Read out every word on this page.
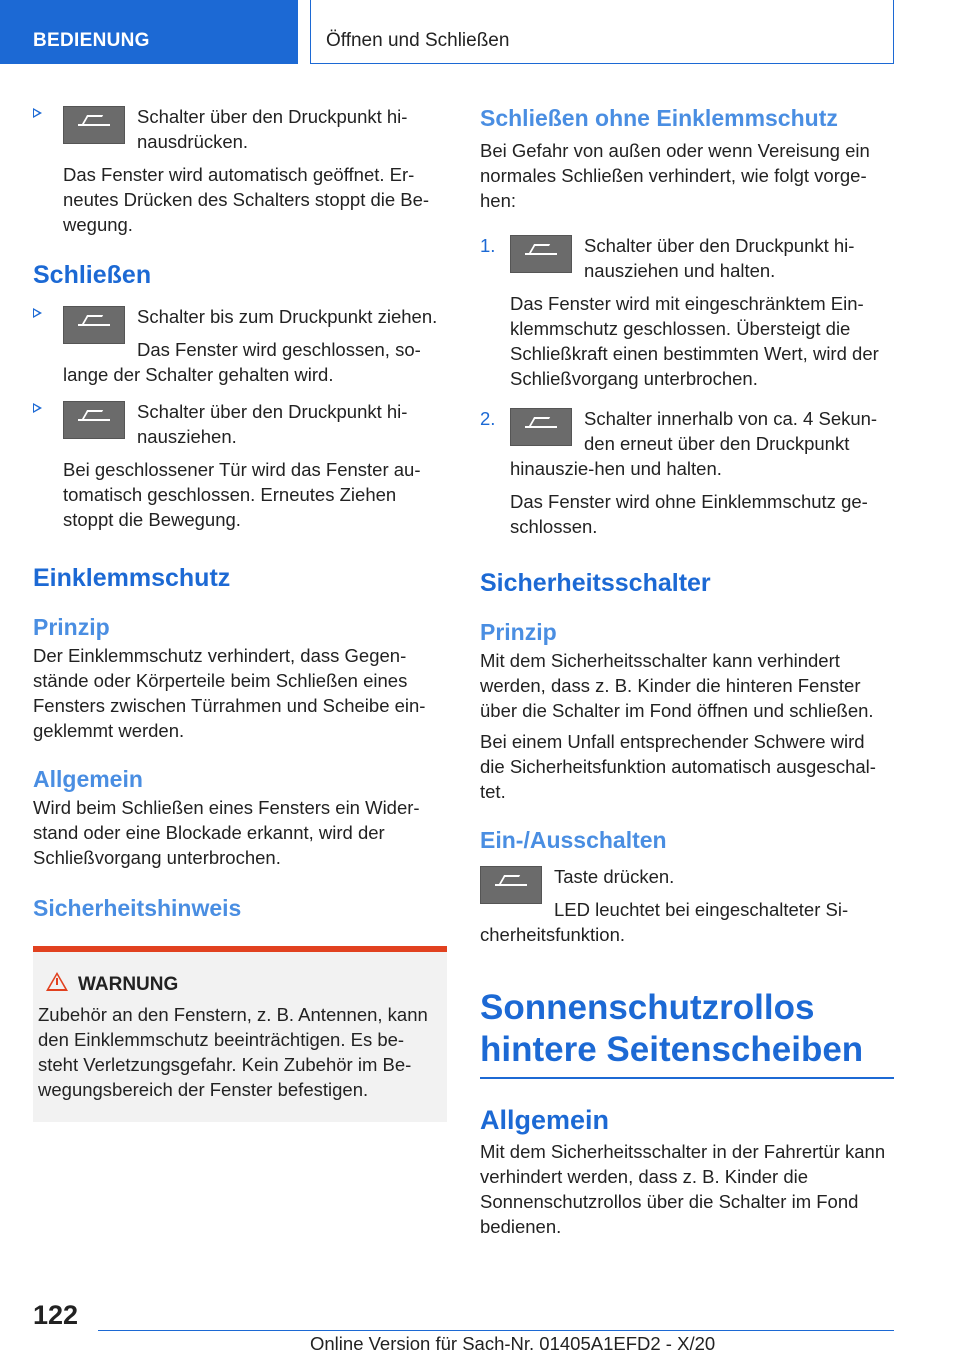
BEDIENUNG	Öffnen und Schließen

Schalter über den Druckpunkt hi-nausdrücken.

Das Fenster wird automatisch geöffnet. Er-neutes Drücken des Schalters stoppt die Be-wegung.

Schließen

Schalter bis zum Druckpunkt ziehen.

Das Fenster wird geschlossen, so-lange der Schalter gehalten wird.

Schalter über den Druckpunkt hi-nausziehen.

Bei geschlossener Tür wird das Fenster au-tomatisch geschlossen. Erneutes Ziehen stoppt die Bewegung.

Einklemmschutz
Prinzip

Der Einklemmschutz verhindert, dass Gegen-stände oder Körperteile beim Schließen eines Fensters zwischen Türrahmen und Scheibe ein-geklemmt werden.

Allgemein

Wird beim Schließen eines Fensters ein Wider-stand oder eine Blockade erkannt, wird der Schließvorgang unterbrochen.

Sicherheitshinweis
WARNUNG

Zubehör an den Fenstern, z. B. Antennen, kann den Einklemmschutz beeinträchtigen. Es be-steht Verletzungsgefahr. Kein Zubehör im Be-wegungsbereich der Fenster befestigen.

Schließen ohne Einklemmschutz

Bei Gefahr von außen oder wenn Vereisung ein normales Schließen verhindert, wie folgt vorge-hen:

1.	Schalter über den Druckpunkt hi-nausziehen und halten.

Das Fenster wird mit eingeschränktem Ein-klemmschutz geschlossen. Übersteigt die Schließkraft einen bestimmten Wert, wird der Schließvorgang unterbrochen.

2.	Schalter innerhalb von ca. 4 Sekun-den erneut über den Druckpunkt hinauszie-hen und halten.

Das Fenster wird ohne Einklemmschutz ge-schlossen.

Sicherheitsschalter
Prinzip

Mit dem Sicherheitsschalter kann verhindert werden, dass z. B. Kinder die hinteren Fenster über die Schalter im Fond öffnen und schließen.

Bei einem Unfall entsprechender Schwere wird die Sicherheitsfunktion automatisch ausgeschal-tet.

Ein-/Ausschalten

Taste drücken.

LED leuchtet bei eingeschalteter Si-cherheitsfunktion.

Sonnenschutzrollos hintere Seitenscheiben
Allgemein

Mit dem Sicherheitsschalter in der Fahrertür kann verhindert werden, dass z. B. Kinder die Sonnenschutzrollos über die Schalter im Fond bedienen.

122
Online Version für Sach-Nr. 01405A1EFD2 - X/20
